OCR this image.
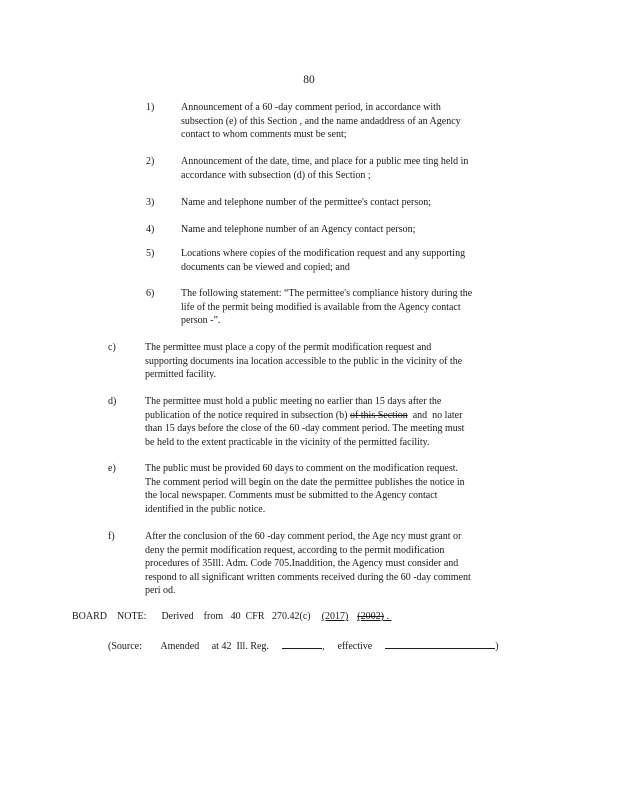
80
1)	Announcement of a 60 -day comment period, in accordance with
subsection (e) of this Section , and the name andaddress of an Agency
contact to whom comments must be sent;
2)	Announcement of the date, time, and place for a public mee ting held in
accordance with subsection (d) of this Section ;
3)	Name and telephone number of the permittee's contact person;
4)	Name and telephone number of an Agency contact person;
5)	Locations where copies of the modification request and any supporting
documents can be viewed and copied; and
6)	The following statement: “The permittee's compliance history during the
life of the permit being modified is available from the Agency contact
person -”.
c)	The permittee must place a copy of the permit modification request and
supporting documents ina location accessible to the public in the vicinity of the
permitted facility.
d)	The permittee must hold a public meeting no earlier than 15 days after the
publication of the notice required in subsection (b) of this Section  and  no later
than 15 days before the close of the 60 -day comment period. The meeting must
be held to the extent practicable in the vicinity of the permitted facility.
e)	The public must be provided 60 days to comment on the modification request.
The comment period will begin on the date the permittee publishes the notice in
the local newspaper. Comments must be submitted to the Agency contact
identified in the public notice.
f)	After the conclusion of the 60 -day comment period, the Age ncy must grant or
deny the permit modification request, according to the permit modification
procedures of 35Ill. Adm. Code 705.Inaddition, the Agency must consider and
respond to all significant written comments received during the 60 -day comment
peri od.
BOARD    NOTE: Derived    from   40  CFR   270.42(c) (2017) (2002) .
(Source: Amended     at 42  Ill. Reg.	, effective	)
